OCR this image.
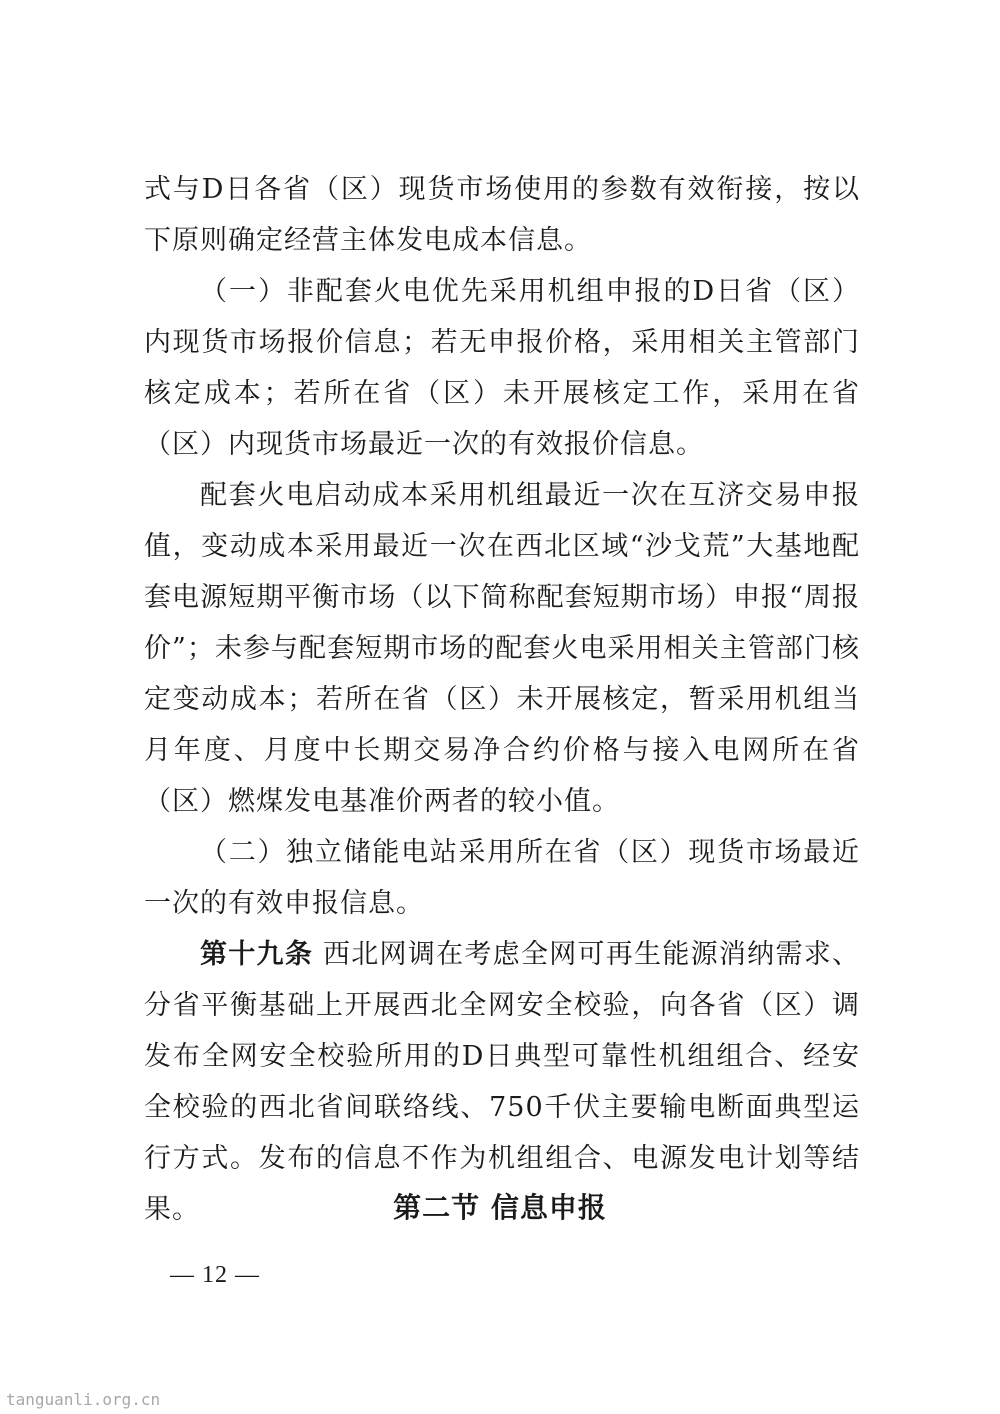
式与D日各省（区）现货市场使用的参数有效衔接，按以下原则确定经营主体发电成本信息。

（一）非配套火电优先采用机组申报的D日省（区）内现货市场报价信息；若无申报价格，采用相关主管部门核定成本；若所在省（区）未开展核定工作，采用在省（区）内现货市场最近一次的有效报价信息。

配套火电启动成本采用机组最近一次在互济交易申报值，变动成本采用最近一次在西北区域“沙戈荒”大基地配套电源短期平衡市场（以下简称配套短期市场）申报“周报价”；未参与配套短期市场的配套火电采用相关主管部门核定变动成本；若所在省（区）未开展核定，暂采用机组当月年度、月度中长期交易净合约价格与接入电网所在省（区）燃煤发电基准价两者的较小值。

（二）独立储能电站采用所在省（区）现货市场最近一次的有效申报信息。

第十九条 西北网调在考虑全网可再生能源消纳需求、分省平衡基础上开展西北全网安全校验，向各省（区）调发布全网安全校验所用的D日典型可靠性机组组合、经安全校验的西北省间联络线、750千伏主要输电断面典型运行方式。发布的信息不作为机组组合、电源发电计划等结果。	第二节 信息申报
— 12 —
tanguanli.org.cn
